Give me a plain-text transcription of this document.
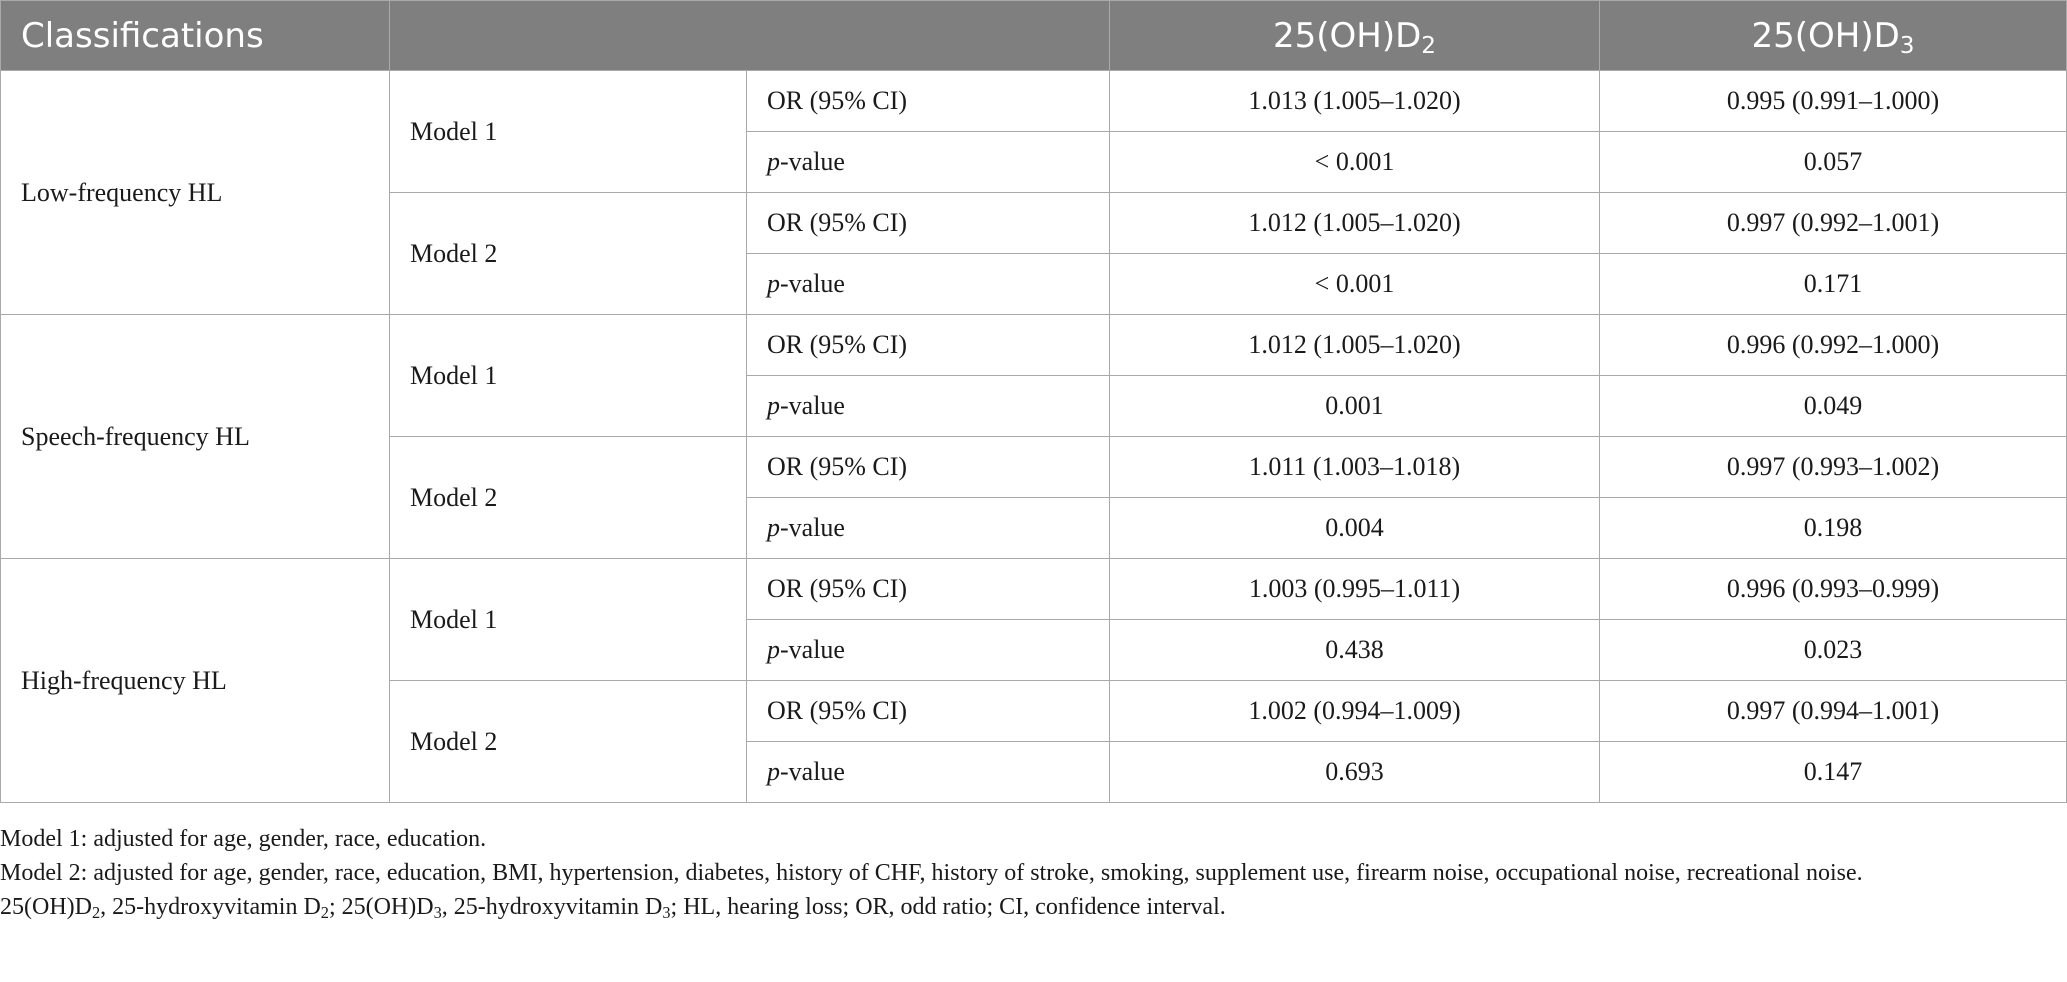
Classifications			$25(OH)D_2$	$25(OH)D_3$
Low-frequency HL	Model 1	OR (95% CI)	1.013 (1.005–1.020)	0.995 (0.991–1.000)
		p-value	< 0.001	0.057
	Model 2	OR (95% CI)	1.012 (1.005–1.020)	0.997 (0.992–1.001)
		p-value	< 0.001	0.171
Speech-frequency HL	Model 1	OR (95% CI)	1.012 (1.005–1.020)	0.996 (0.992–1.000)
		p-value	0.001	0.049
	Model 2	OR (95% CI)	1.011 (1.003–1.018)	0.997 (0.993–1.002)
		p-value	0.004	0.198
High-frequency HL	Model 1	OR (95% CI)	1.003 (0.995–1.011)	0.996 (0.993–0.999)
		p-value	0.438	0.023
	Model 2	OR (95% CI)	1.002 (0.994–1.009)	0.997 (0.994–1.001)
		p-value	0.693	0.147

Model 1: adjusted for age, gender, race, education.

Model 2: adjusted for age, gender, race, education, BMI, hypertension, diabetes, history of CHF, history of stroke, smoking, supplement use, firearm noise, occupational noise, recreational noise.

$25(OH)D_2$, 25-hydroxyvitamin $D_2$; $25(OH)D_3$, 25-hydroxyvitamin $D_3$; HL, hearing loss; OR, odd ratio; CI, confidence interval.
